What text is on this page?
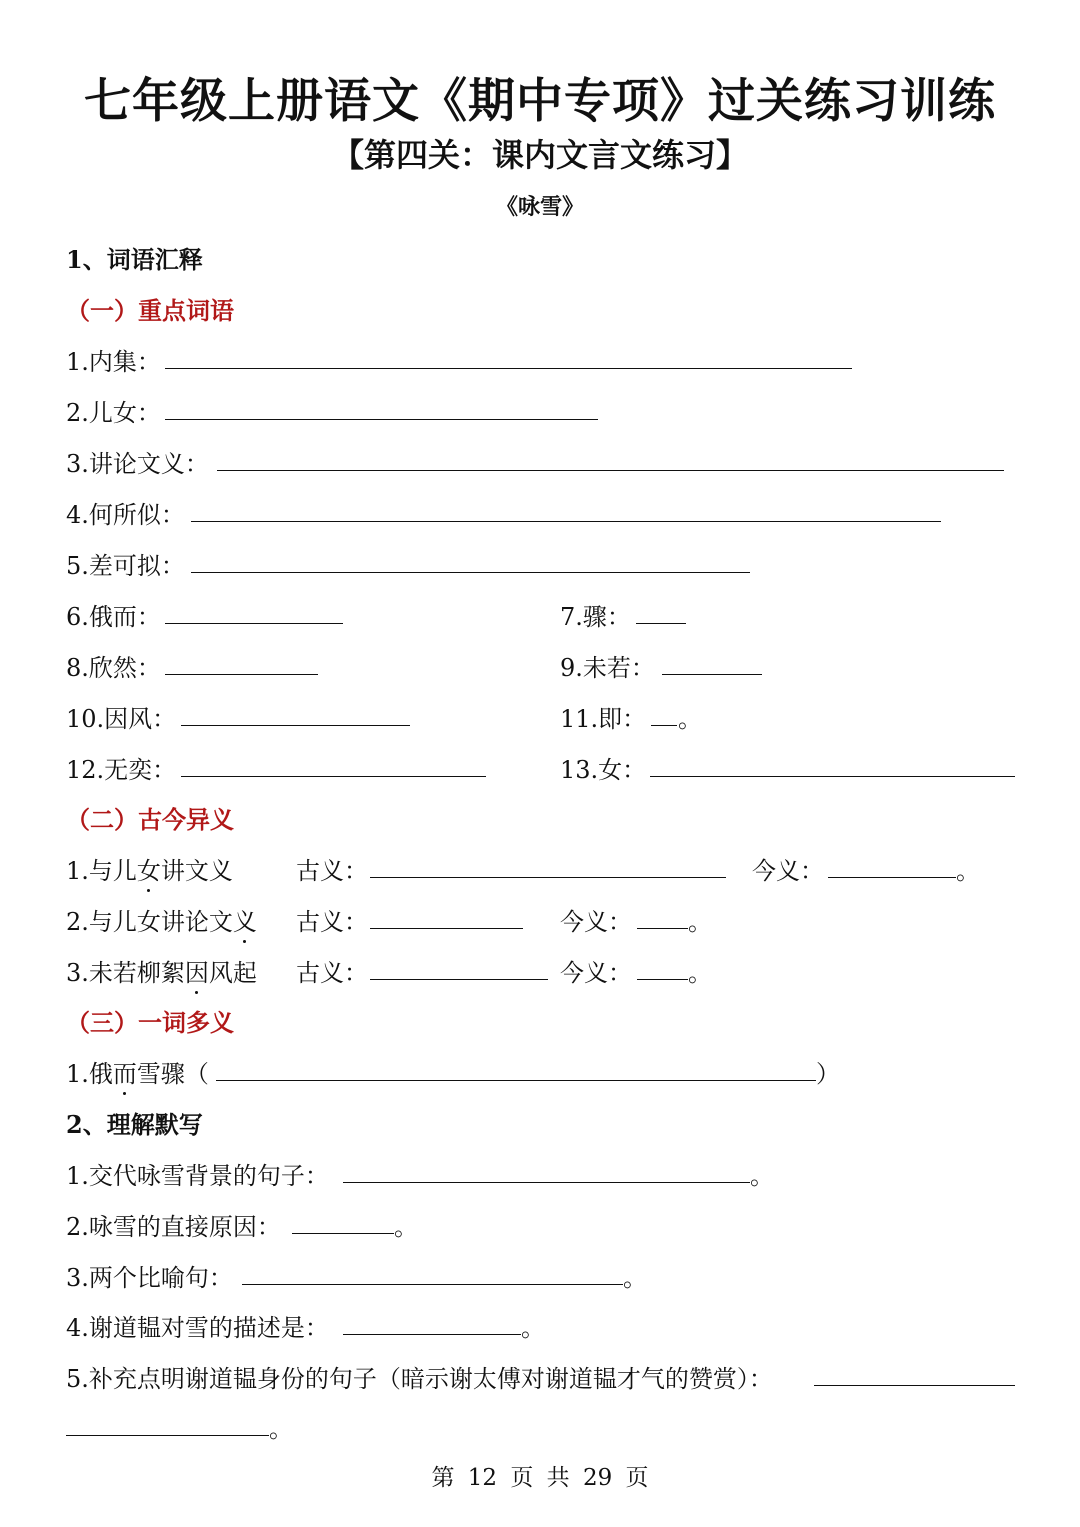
七年级上册语文《期中专项》过关练习训练
【第四关：课内文言文练习】
《咏雪》
1、词语汇释
（一）重点词语
1.内集：
2.儿女：
3.讲论文义：
4.何所似：
5.差可拟：
6.俄而：	7.骤：
8.欣然：	9.未若：
10.因风：	11.即： 。
12.无奕：	13.女：
（二）古今异义
1.与儿女讲文义	古义：	今义：	。
2.与儿女讲论文义 古义：	今义： 。
3.未若柳絮因风起 古义：	今义： 。
（三）一词多义
1.俄而雪骤（	）
2、理解默写
1.交代咏雪背景的句子：	。
2.咏雪的直接原因：	。
3.两个比喻句：	。
4.谢道韫对雪的描述是：	。
5.补充点明谢道韫身份的句子（暗示谢太傅对谢道韫才气的赞赏）：
。
第 12 页 共 29 页
